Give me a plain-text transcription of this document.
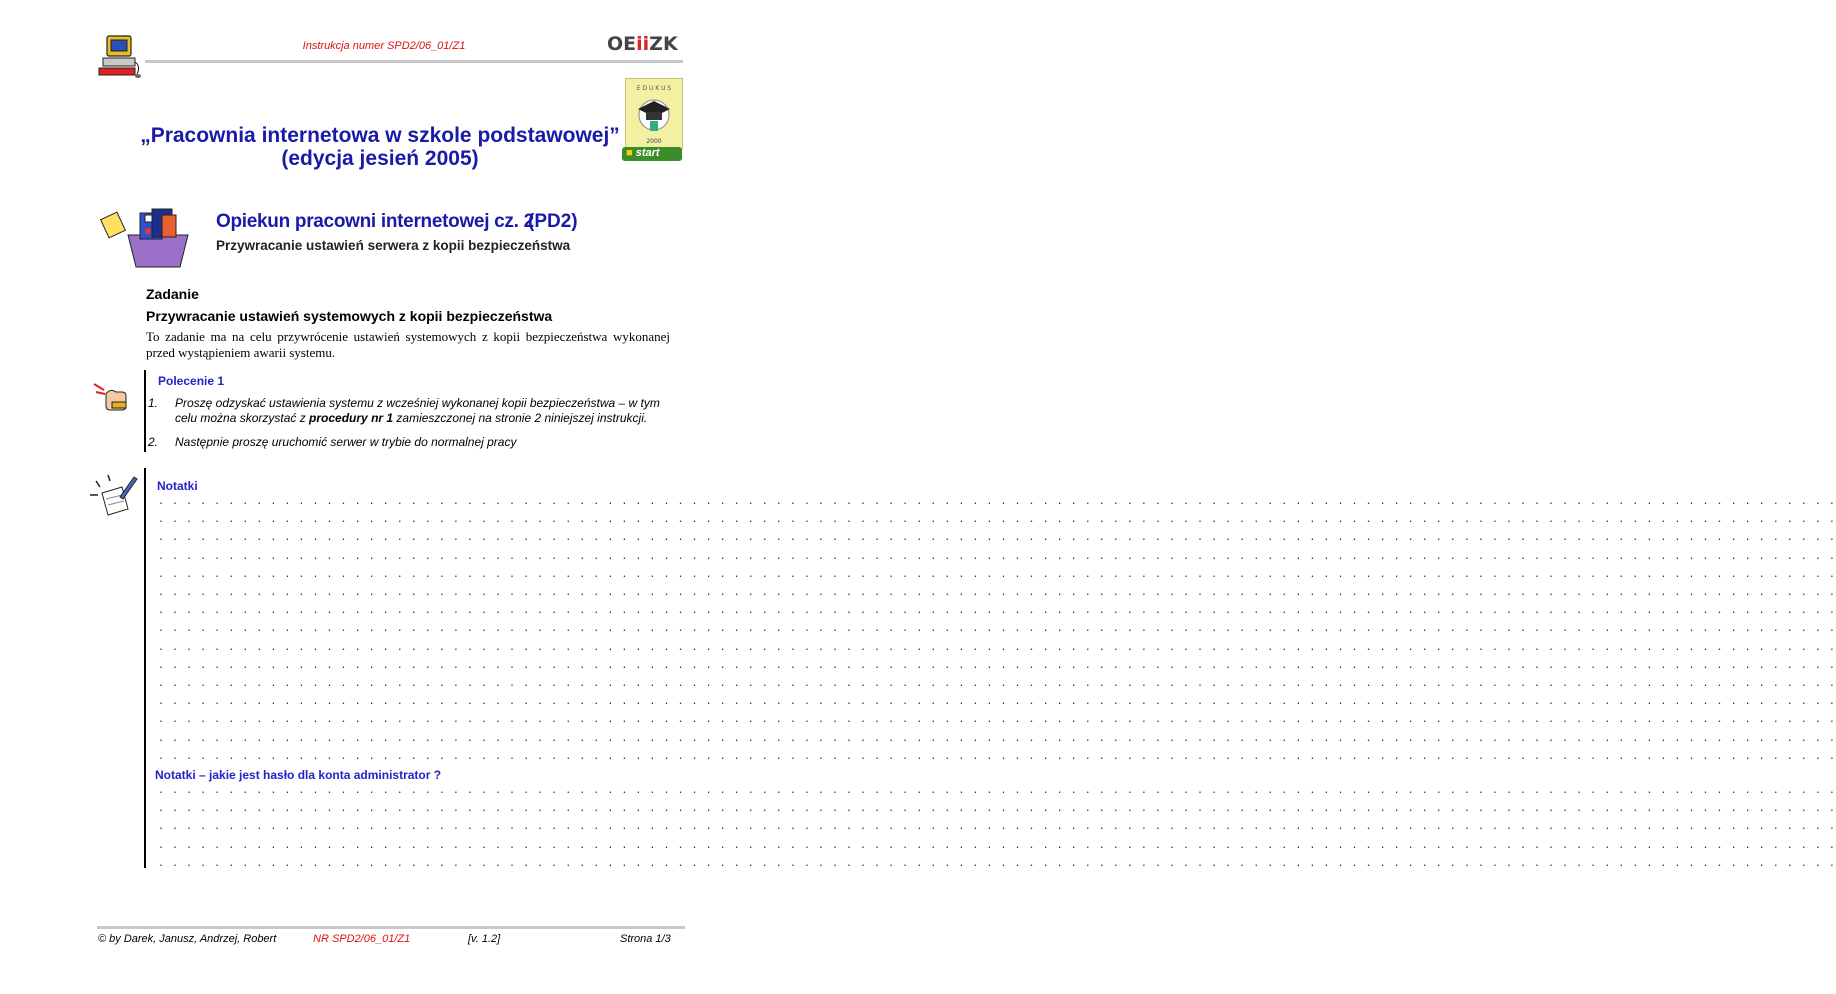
Instrukcja numer SPD2/06_01/Z1	OEiiZK
E D U K U S
2000
■ start
„Pracownia internetowa w szkole podstawowej”
(edycja jesień 2005)
Opiekun pracowni internetowej cz. 2
(PD2)
Przywracanie ustawień serwera z kopii bezpieczeństwa
Zadanie
Przywracanie ustawień systemowych z kopii bezpieczeństwa
To zadanie ma na celu przywrócenie ustawień systemowych z kopii bezpieczeństwa wykonanej przed wystąpieniem awarii systemu.
Polecenie 1
1.	Proszę odzyskać ustawienia systemu z wcześniej wykonanej kopii bezpieczeństwa – w tym celu można skorzystać z procedury nr 1 zamieszczonej na stronie 2 niniejszej instrukcji.
2.	Następnie proszę uruchomić serwer w trybie do normalnej pracy
Notatki
. . . . . . . . . . . . . . . . . . . . . . . . . . . . . . . . . . . . . . . . . . . . . . . . . . . . . . . . . . . . . . . . . . . . . . . . . . . . . . . . . . . . . . . . . . . . . . . . . . . . . . . . . . . . . . . . . . . . . . . .
. . . . . . . . . . . . . . . . . . . . . . . . . . . . . . . . . . . . . . . . . . . . . . . . . . . . . . . . . . . . . . . . . . . . . . . . . . . . . . . . . . . . . . . . . . . . . . . . . . . . . . . . . . . . . . . . . . . . . . . .
. . . . . . . . . . . . . . . . . . . . . . . . . . . . . . . . . . . . . . . . . . . . . . . . . . . . . . . . . . . . . . . . . . . . . . . . . . . . . . . . . . . . . . . . . . . . . . . . . . . . . . . . . . . . . . . . . . . . . . . .
. . . . . . . . . . . . . . . . . . . . . . . . . . . . . . . . . . . . . . . . . . . . . . . . . . . . . . . . . . . . . . . . . . . . . . . . . . . . . . . . . . . . . . . . . . . . . . . . . . . . . . . . . . . . . . . . . . . . . . . .
. . . . . . . . . . . . . . . . . . . . . . . . . . . . . . . . . . . . . . . . . . . . . . . . . . . . . . . . . . . . . . . . . . . . . . . . . . . . . . . . . . . . . . . . . . . . . . . . . . . . . . . . . . . . . . . . . . . . . . . .
. . . . . . . . . . . . . . . . . . . . . . . . . . . . . . . . . . . . . . . . . . . . . . . . . . . . . . . . . . . . . . . . . . . . . . . . . . . . . . . . . . . . . . . . . . . . . . . . . . . . . . . . . . . . . . . . . . . . . . . .
. . . . . . . . . . . . . . . . . . . . . . . . . . . . . . . . . . . . . . . . . . . . . . . . . . . . . . . . . . . . . . . . . . . . . . . . . . . . . . . . . . . . . . . . . . . . . . . . . . . . . . . . . . . . . . . . . . . . . . . .
. . . . . . . . . . . . . . . . . . . . . . . . . . . . . . . . . . . . . . . . . . . . . . . . . . . . . . . . . . . . . . . . . . . . . . . . . . . . . . . . . . . . . . . . . . . . . . . . . . . . . . . . . . . . . . . . . . . . . . . .
. . . . . . . . . . . . . . . . . . . . . . . . . . . . . . . . . . . . . . . . . . . . . . . . . . . . . . . . . . . . . . . . . . . . . . . . . . . . . . . . . . . . . . . . . . . . . . . . . . . . . . . . . . . . . . . . . . . . . . . .
. . . . . . . . . . . . . . . . . . . . . . . . . . . . . . . . . . . . . . . . . . . . . . . . . . . . . . . . . . . . . . . . . . . . . . . . . . . . . . . . . . . . . . . . . . . . . . . . . . . . . . . . . . . . . . . . . . . . . . . .
. . . . . . . . . . . . . . . . . . . . . . . . . . . . . . . . . . . . . . . . . . . . . . . . . . . . . . . . . . . . . . . . . . . . . . . . . . . . . . . . . . . . . . . . . . . . . . . . . . . . . . . . . . . . . . . . . . . . . . . .
. . . . . . . . . . . . . . . . . . . . . . . . . . . . . . . . . . . . . . . . . . . . . . . . . . . . . . . . . . . . . . . . . . . . . . . . . . . . . . . . . . . . . . . . . . . . . . . . . . . . . . . . . . . . . . . . . . . . . . . .
. . . . . . . . . . . . . . . . . . . . . . . . . . . . . . . . . . . . . . . . . . . . . . . . . . . . . . . . . . . . . . . . . . . . . . . . . . . . . . . . . . . . . . . . . . . . . . . . . . . . . . . . . . . . . . . . . . . . . . . .
. . . . . . . . . . . . . . . . . . . . . . . . . . . . . . . . . . . . . . . . . . . . . . . . . . . . . . . . . . . . . . . . . . . . . . . . . . . . . . . . . . . . . . . . . . . . . . . . . . . . . . . . . . . . . . . . . . . . . . . .
. . . . . . . . . . . . . . . . . . . . . . . . . . . . . . . . . . . . . . . . . . . . . . . . . . . . . . . . . . . . . . . . . . . . . . . . . . . . . . . . . . . . . . . . . . . . . . . . . . . . . . . . . . . . . . . . . . . . . . . .
Notatki – jakie jest hasło dla konta administrator ?
. . . . . . . . . . . . . . . . . . . . . . . . . . . . . . . . . . . . . . . . . . . . . . . . . . . . . . . . . . . . . . . . . . . . . . . . . . . . . . . . . . . . . . . . . . . . . . . . . . . . . . . . . . . . . . . . . . . . . . . .
. . . . . . . . . . . . . . . . . . . . . . . . . . . . . . . . . . . . . . . . . . . . . . . . . . . . . . . . . . . . . . . . . . . . . . . . . . . . . . . . . . . . . . . . . . . . . . . . . . . . . . . . . . . . . . . . . . . . . . . .
. . . . . . . . . . . . . . . . . . . . . . . . . . . . . . . . . . . . . . . . . . . . . . . . . . . . . . . . . . . . . . . . . . . . . . . . . . . . . . . . . . . . . . . . . . . . . . . . . . . . . . . . . . . . . . . . . . . . . . . .
. . . . . . . . . . . . . . . . . . . . . . . . . . . . . . . . . . . . . . . . . . . . . . . . . . . . . . . . . . . . . . . . . . . . . . . . . . . . . . . . . . . . . . . . . . . . . . . . . . . . . . . . . . . . . . . . . . . . . . . .
. . . . . . . . . . . . . . . . . . . . . . . . . . . . . . . . . . . . . . . . . . . . . . . . . . . . . . . . . . . . . . . . . . . . . . . . . . . . . . . . . . . . . . . . . . . . . . . . . . . . . . . . . . . . . . . . . . . . . . . .
© by Darek, Janusz, Andrzej, Robert	NR SPD2/06_01/Z1	[v. 1.2]	Strona 1/3
